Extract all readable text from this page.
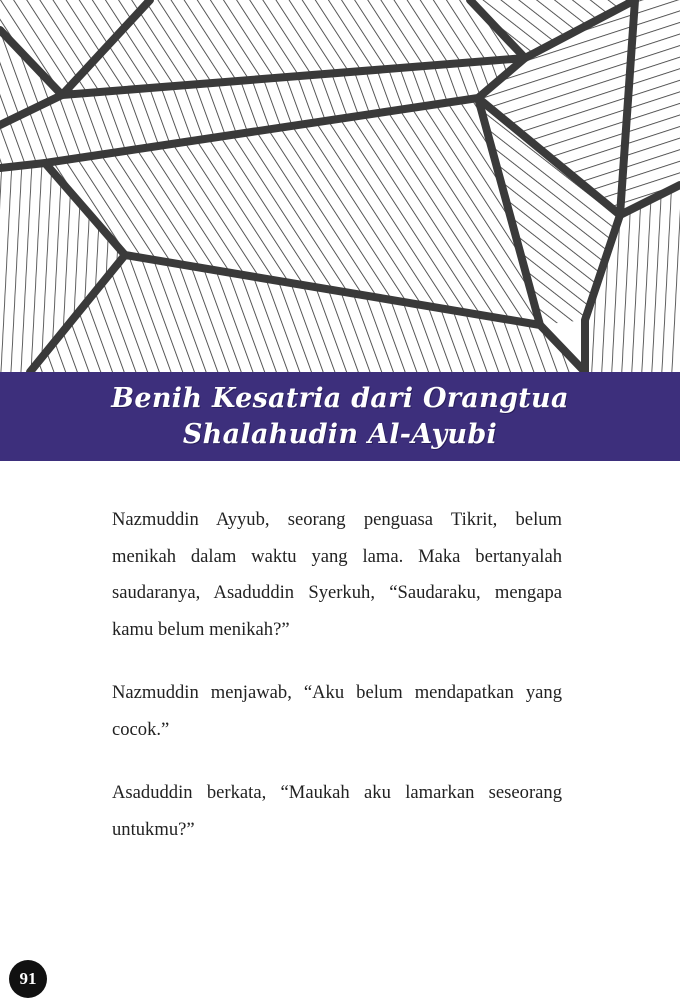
Benih Kesatria dari Orangtua
Shalahudin Al-Ayubi

Nazmuddin Ayyub, seorang penguasa Tikrit, belum menikah dalam waktu yang lama. Maka bertanyalah saudaranya, Asaduddin Syerkuh, “Saudaraku, mengapa kamu belum menikah?”

Nazmuddin menjawab, “Aku belum mendapatkan yang cocok.”

Asaduddin berkata, “Maukah aku lamarkan seseorang untukmu?”

91
